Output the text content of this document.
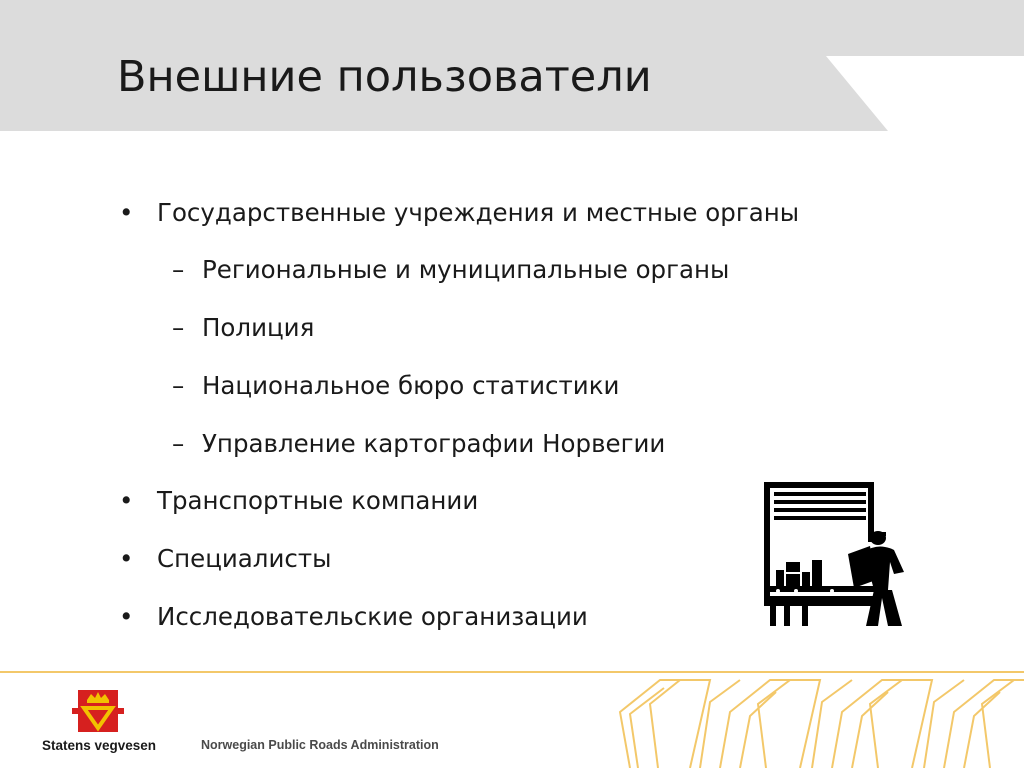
Внешние пользователи
• Государственные учреждения и местные органы
– Региональные и муниципальные органы
– Полиция
– Национальное бюро статистики
– Управление картографии Норвегии
• Транспортные компании
• Специалисты
• Исследовательские организации
Statens vegvesen	Norwegian Public Roads Administration
